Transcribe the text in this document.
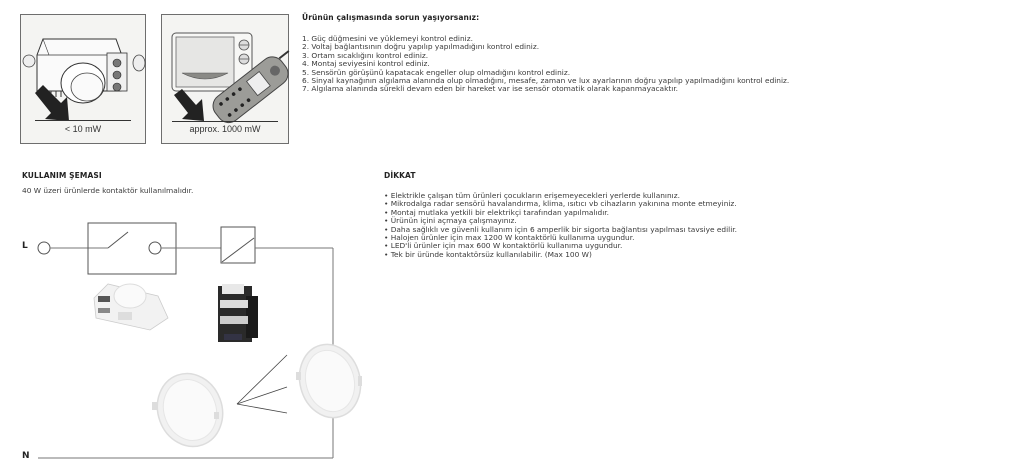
< 10 mW	approx. 1000 mW
Ürünün çalışmasında sorun yaşıyorsanız:
1. Güç düğmesini ve yüklemeyi kontrol ediniz.
2. Voltaj bağlantısının doğru yapılıp yapılmadığını kontrol ediniz.
3. Ortam sıcaklığını kontrol ediniz.
4. Montaj seviyesini kontrol ediniz.
5. Sensörün görüşünü kapatacak engeller olup olmadığını kontrol ediniz.
6. Sinyal kaynağının algılama alanında olup olmadığını, mesafe, zaman ve lux ayarlarının doğru yapılıp yapılmadığını kontrol ediniz.
7. Algılama alanında sürekli devam eden bir hareket var ise sensör otomatik olarak kapanmayacaktır.
KULLANIM ŞEMASI
40 W üzeri ürünlerde kontaktör kullanılmalıdır.
L
N
DİKKAT
• Elektrikle çalışan tüm ürünleri çocukların erişemeyecekleri yerlerde kullanınız.
• Mikrodalga radar sensörü havalandırma, klima, ısıtıcı vb cihazların yakınına monte etmeyiniz.
• Montaj mutlaka yetkili bir elektrikçi tarafından yapılmalıdır.
• Ürünün içini açmaya çalışmayınız.
• Daha sağlıklı ve güvenli kullanım için 6 amperlik bir sigorta bağlantısı yapılması tavsiye edilir.
• Halojen ürünler için max 1200 W kontaktörlü kullanıma uygundur.
• LED'li ürünler için max 600 W kontaktörlü kullanıma uygundur.
• Tek bir üründe kontaktörsüz kullanılabilir. (Max 100 W)
